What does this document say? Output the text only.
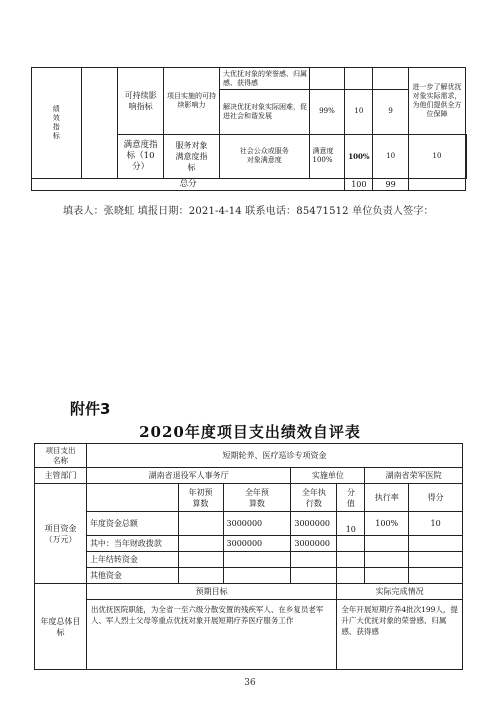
绩效指标		可持续影响指标	项目实施的可持续影响力	大优抚对象的荣誉感、归属感、获得感				进一步了解优抚对象实际需求，为他们提供全方位保障	

				解决优抚对象实际困难，促进社会和谐发展	99%	10	9		

		满意度指标（10分）	服务对象满意度指标	社会公众或服务对象满意度	满意度100%	100%	10	10	
总分						100	99		
填表人：张晓虹 填报日期：2021-4-14 联系电话：85471512 单位负责人签字：
附件3
2020年度项目支出绩效自评表
项目支出名称	短期轮养、医疗巡诊专项资金						
主管部门	湖南省退役军人事务厅			实施单位		湖南省荣军医院	

项目资金（万元）		年初预算数	全年预算数	全年执行数	分值	执行率	得分
	年度资金总额		3000000	3000000	10	100%	10
	其中：当年财政拨款		3000000	3000000			
	上年结转资金						
	其他资金						

年度总体目标	预期目标				实际完成情况		
	出优抚医院职能，为全省一至六级分散安置的残疾军人、在乡复员老军人、军人烈士父母等重点优抚对象开展短期疗养医疗服务工作				全年开展短期疗养4批次199人，提升广大优抚对象的荣誉感、归属感、获得感		
36
